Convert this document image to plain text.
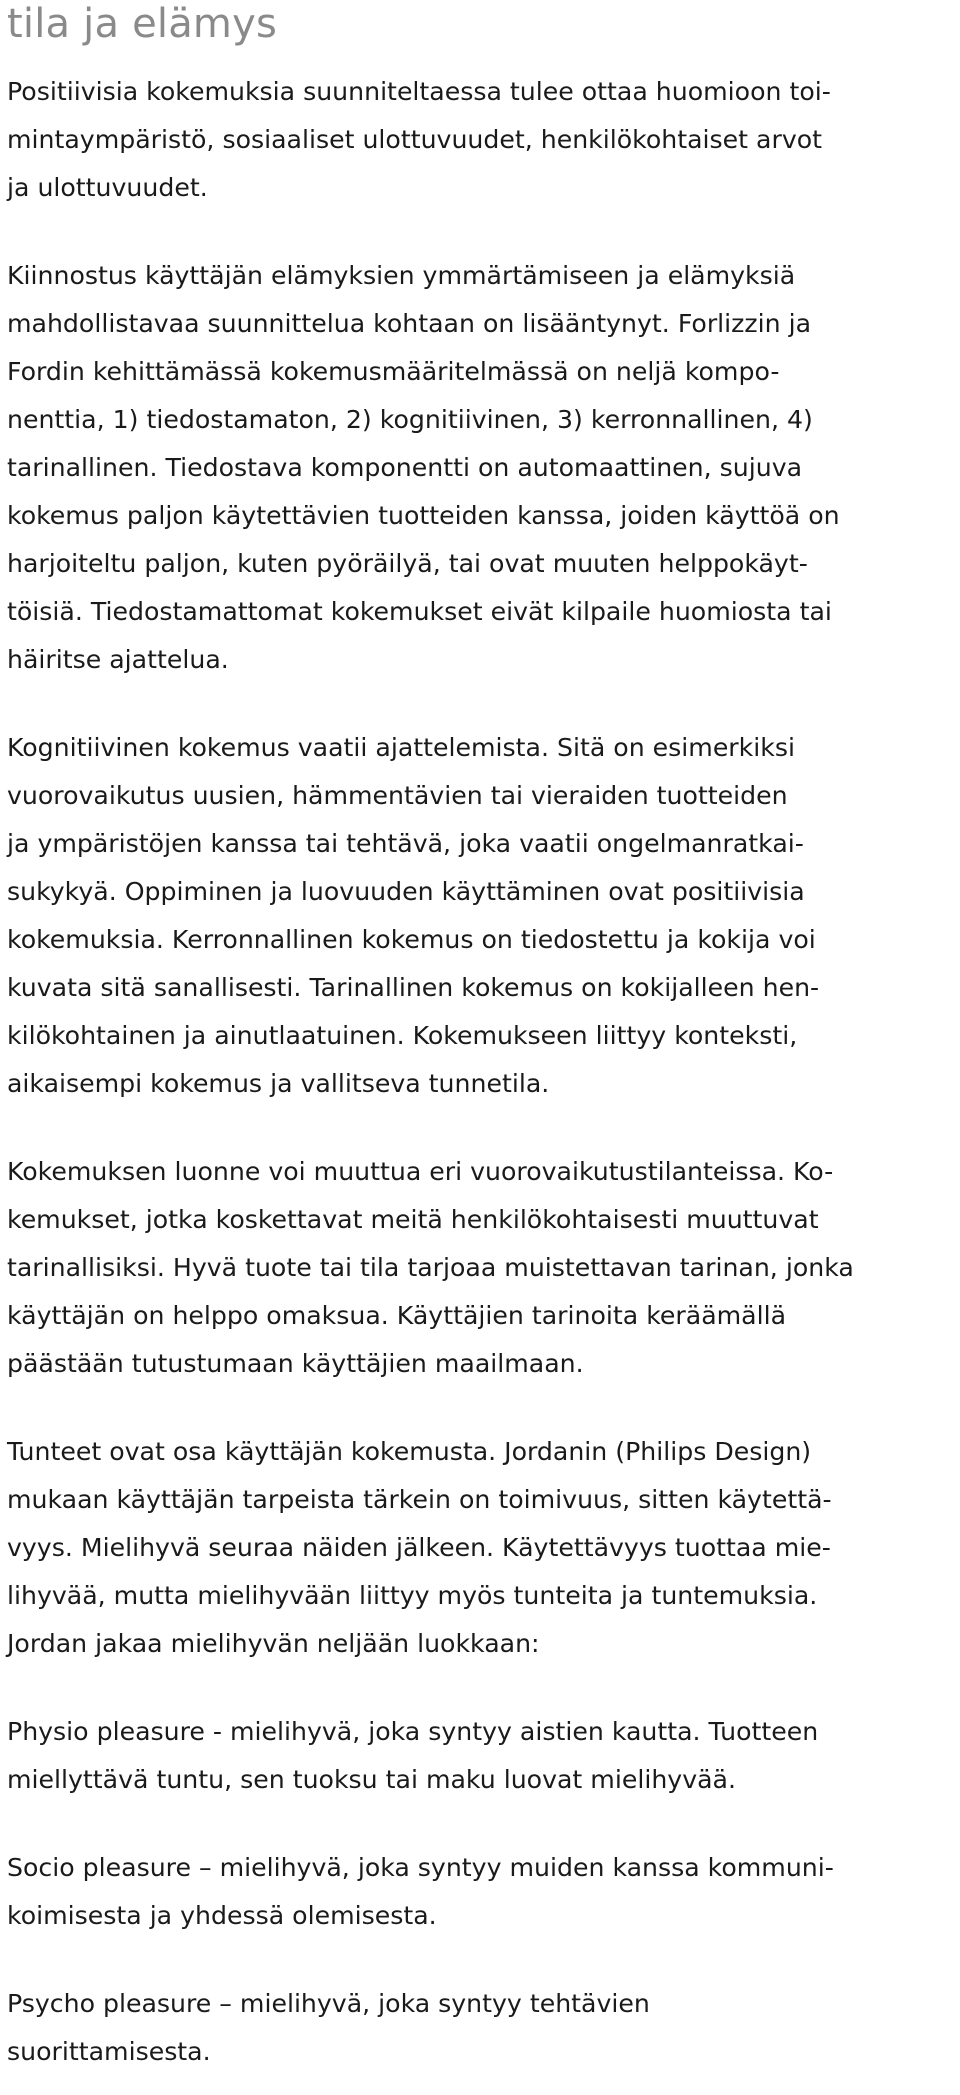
tila ja elämys

Positiivisia kokemuksia suunniteltaessa tulee ottaa huomioon toi-
mintaympäristö, sosiaaliset ulottuvuudet, henkilökohtaiset arvot
ja ulottuvuudet.

Kiinnostus käyttäjän elämyksien ymmärtämiseen ja elämyksiä
mahdollistavaa suunnittelua kohtaan on lisääntynyt. Forlizzin ja
Fordin kehittämässä kokemusmääritelmässä on neljä kompo-
nenttia, 1) tiedostamaton, 2) kognitiivinen, 3) kerronnallinen, 4)
tarinallinen. Tiedostava komponentti on automaattinen, sujuva
kokemus paljon käytettävien tuotteiden kanssa, joiden käyttöä on
harjoiteltu paljon, kuten pyöräilyä, tai ovat muuten helppokäyt-
töisiä. Tiedostamattomat kokemukset eivät kilpaile huomiosta tai
häiritse ajattelua.

Kognitiivinen kokemus vaatii ajattelemista. Sitä on esimerkiksi
vuorovaikutus uusien, hämmentävien tai vieraiden tuotteiden
ja ympäristöjen kanssa tai tehtävä, joka vaatii ongelmanratkai-
sukykyä. Oppiminen ja luovuuden käyttäminen ovat positiivisia
kokemuksia. Kerronnallinen kokemus on tiedostettu ja kokija voi
kuvata sitä sanallisesti. Tarinallinen kokemus on kokijalleen hen-
kilökohtainen ja ainutlaatuinen. Kokemukseen liittyy konteksti,
aikaisempi kokemus ja vallitseva tunnetila.

Kokemuksen luonne voi muuttua eri vuorovaikutustilanteissa. Ko-
kemukset, jotka koskettavat meitä henkilökohtaisesti muuttuvat
tarinallisiksi. Hyvä tuote tai tila tarjoaa muistettavan tarinan, jonka
käyttäjän on helppo omaksua. Käyttäjien tarinoita keräämällä
päästään tutustumaan käyttäjien maailmaan.

Tunteet ovat osa käyttäjän kokemusta. Jordanin (Philips Design)
mukaan käyttäjän tarpeista tärkein on toimivuus, sitten käytettä-
vyys. Mielihyvä seuraa näiden jälkeen. Käytettävyys tuottaa mie-
lihyvää, mutta mielihyvään liittyy myös tunteita ja tuntemuksia.
Jordan jakaa mielihyvän neljään luokkaan:

Physio pleasure - mielihyvä, joka syntyy aistien kautta. Tuotteen
miellyttävä tuntu, sen tuoksu tai maku luovat mielihyvää.

Socio pleasure – mielihyvä, joka syntyy muiden kanssa kommuni-
koimisesta ja yhdessä olemisesta.

Psycho pleasure – mielihyvä, joka syntyy tehtävien
suorittamisesta.
